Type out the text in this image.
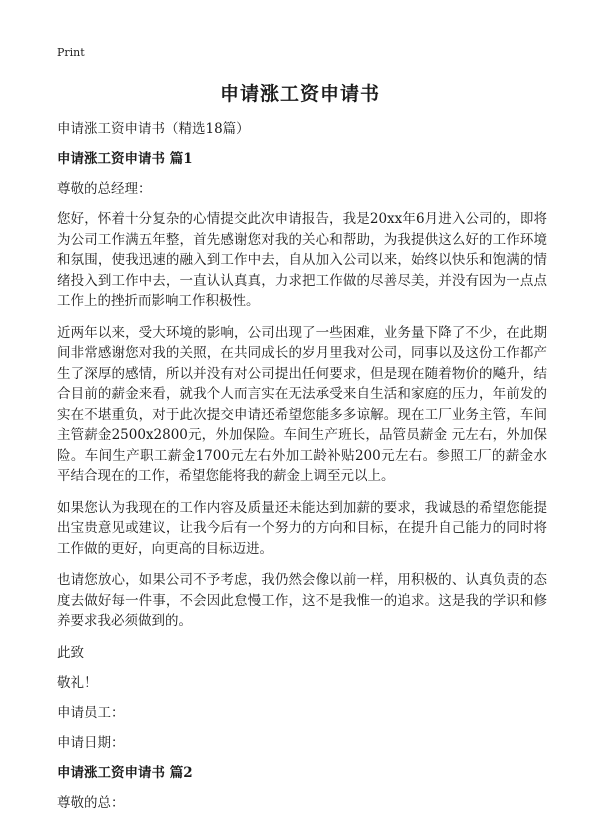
Print
申请涨工资申请书
申请涨工资申请书（精选18篇）
申请涨工资申请书 篇1
尊敬的总经理：

您好，怀着十分复杂的心情提交此次申请报告，我是20xx年6月进入公司的，即将为公司工作满五年整，首先感谢您对我的关心和帮助，为我提供这么好的工作环境和氛围，使我迅速的融入到工作中去，自从加入公司以来，始终以快乐和饱满的情绪投入到工作中去，一直认认真真，力求把工作做的尽善尽美，并没有因为一点点工作上的挫折而影响工作积极性。

近两年以来，受大环境的影响，公司出现了一些困难，业务量下降了不少，在此期间非常感谢您对我的关照，在共同成长的岁月里我对公司，同事以及这份工作都产生了深厚的感情，所以并没有对公司提出任何要求，但是现在随着物价的飚升，结合目前的薪金来看，就我个人而言实在无法承受来自生活和家庭的压力，年前发的实在不堪重负，对于此次提交申请还希望您能多多谅解。现在工厂业务主管，车间主管薪金2500x2800元，外加保险。车间生产班长，品管员薪金 元左右，外加保险。车间生产职工薪金1700元左右外加工龄补贴200元左右。参照工厂的薪金水平结合现在的工作，希望您能将我的薪金上调至元以上。

如果您认为我现在的工作内容及质量还未能达到加薪的要求，我诚恳的希望您能提出宝贵意见或建议，让我今后有一个努力的方向和目标，在提升自己能力的同时将工作做的更好，向更高的目标迈进。

也请您放心，如果公司不予考虑，我仍然会像以前一样，用积极的、认真负责的态度去做好每一件事，不会因此怠慢工作，这不是我惟一的追求。这是我的学识和修养要求我必须做到的。

此致
敬礼！
申请员工：
申请日期：
申请涨工资申请书 篇2
尊敬的总：
